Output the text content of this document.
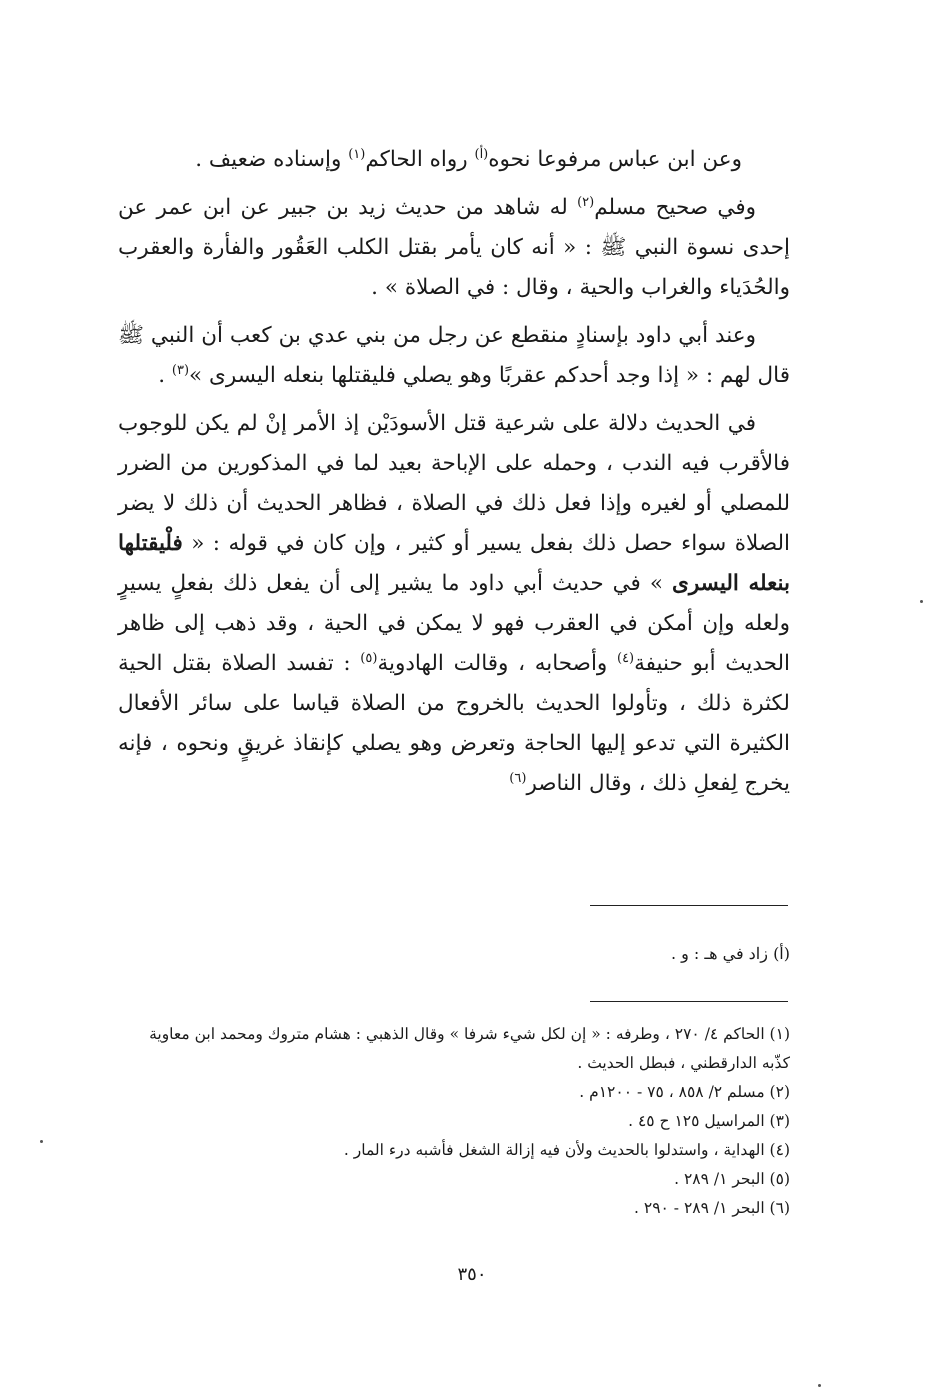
وعن ابن عباس مرفوعا نحوه$^{(أ)}$ رواه الحاكم$^{(١)}$ وإسناده ضعيف .

وفي صحيح مسلم$^{(٢)}$ له شاهد من حديث زيد بن جبير عن ابن عمر عن إحدى نسوة النبي ﷺ : « أنه كان يأمر بقتل الكلب العَقُور والفأرة والعقرب والحُدَياء والغراب والحية ، وقال : في الصلاة » .

وعند أبي داود بإسنادٍ منقطع عن رجل من بني عدي بن كعب أن النبي ﷺ قال لهم : « إذا وجد أحدكم عقربًا وهو يصلي فليقتلها بنعله اليسرى »$^{(٣)}$ .

في الحديث دلالة على شرعية قتل الأسودَيْن إذ الأمر إنْ لم يكن للوجوب فالأقرب فيه الندب ، وحمله على الإباحة بعيد لما في المذكورين من الضرر للمصلي أو لغيره وإذا فعل ذلك في الصلاة ، فظاهر الحديث أن ذلك لا يضر الصلاة سواء حصل ذلك بفعل يسير أو كثير ، وإن كان في قوله : « فلْيقتلها بنعله اليسرى » في حديث أبي داود ما يشير إلى أن يفعل ذلك بفعلٍ يسيرٍ ولعله وإن أمكن في العقرب فهو لا يمكن في الحية ، وقد ذهب إلى ظاهر الحديث أبو حنيفة$^{(٤)}$ وأصحابه ، وقالت الهادوية$^{(٥)}$ : تفسد الصلاة بقتل الحية لكثرة ذلك ، وتأولوا الحديث بالخروج من الصلاة قياسا على سائر الأفعال الكثيرة التي تدعو إليها الحاجة وتعرض وهو يصلي كإنقاذ غريقٍ ونحوه ، فإنه يخرج لِفعلِ ذلك ، وقال الناصر$^{(٦)}$

(أ) زاد في هـ : و .

(١) الحاكم ٤/ ٢٧٠ ، وطرفه : « إن لكل شيء شرفا » وقال الذهبي : هشام متروك ومحمد ابن معاوية كذّبه الدارقطني ، فبطل الحديث .

(٢) مسلم ٢/ ٨٥٨ ، ٧٥ - ١٢٠٠م .

(٣) المراسيل ١٢٥ ح ٤٥ .

(٤) الهداية ، واستدلوا بالحديث ولأن فيه إزالة الشغل فأشبه درء المار .

(٥) البحر ١/ ٢٨٩ .

(٦) البحر ١/ ٢٨٩ - ٢٩٠ .

٣٥٠
